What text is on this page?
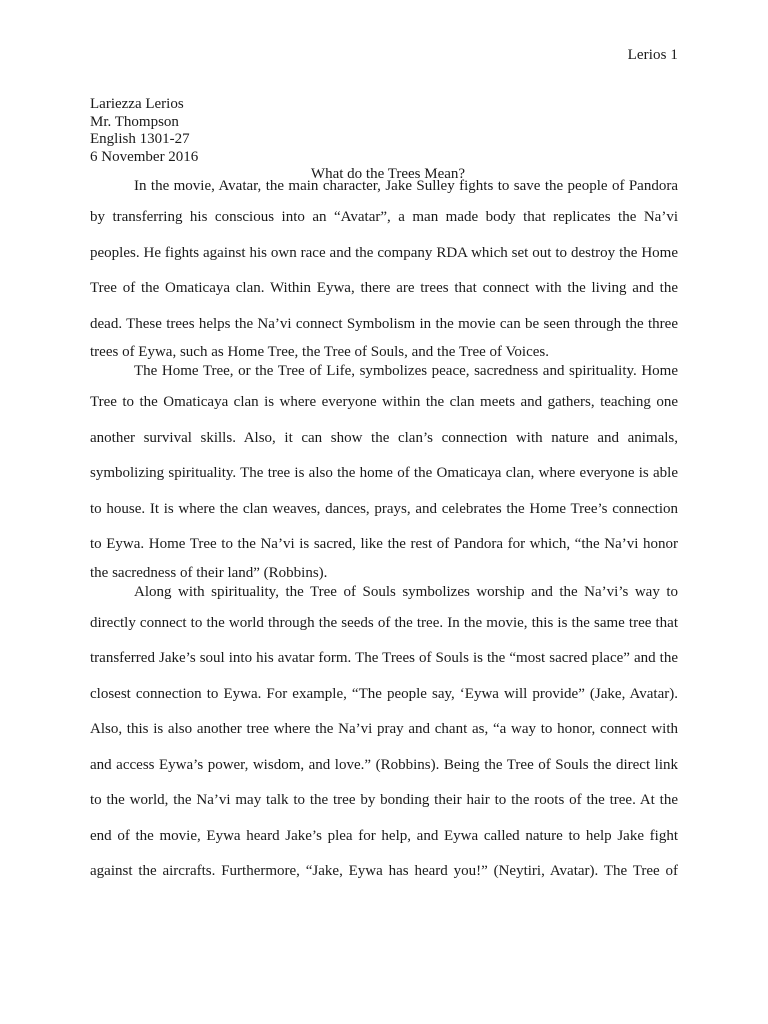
Lerios 1
Lariezza Lerios
Mr. Thompson
English 1301-27
6 November 2016
What do the Trees Mean?
In the movie, Avatar, the main character, Jake Sulley fights to save the people of Pandora
by transferring his conscious into an “Avatar”, a man made body that replicates the Na’vi
peoples. He fights against his own race and the company RDA which set out to destroy the Home
Tree of the Omaticaya clan. Within Eywa, there are trees that connect with the living and the
dead. These trees helps the Na’vi connect Symbolism in the movie can be seen through the three
trees of Eywa, such as Home Tree, the Tree of Souls, and the Tree of Voices.
The Home Tree, or the Tree of Life, symbolizes peace, sacredness and spirituality. Home
Tree to the Omaticaya clan is where everyone within the clan meets and gathers, teaching one
another survival skills. Also, it can show the clan’s connection with nature and animals,
symbolizing spirituality. The tree is also the home of the Omaticaya clan, where everyone is able
to house. It is where the clan weaves, dances, prays, and celebrates the Home Tree’s connection
to Eywa. Home Tree to the Na’vi is sacred, like the rest of Pandora for which, “the Na’vi honor
the sacredness of their land” (Robbins).
Along with spirituality, the Tree of Souls symbolizes worship and the Na’vi’s way to
directly connect to the world through the seeds of the tree. In the movie, this is the same tree that
transferred Jake’s soul into his avatar form. The Trees of Souls is the “most sacred place” and the
closest connection to Eywa. For example, “The people say, ‘Eywa will provide” (Jake, Avatar).
Also, this is also another tree where the Na’vi pray and chant as, “a way to honor, connect with
and access Eywa’s power, wisdom, and love.” (Robbins). Being the Tree of Souls the direct link
to the world, the Na’vi may talk to the tree by bonding their hair to the roots of the tree. At the
end of the movie, Eywa heard Jake’s plea for help, and Eywa called nature to help Jake fight
against the aircrafts. Furthermore, “Jake, Eywa has heard you!” (Neytiri, Avatar). The Tree of
